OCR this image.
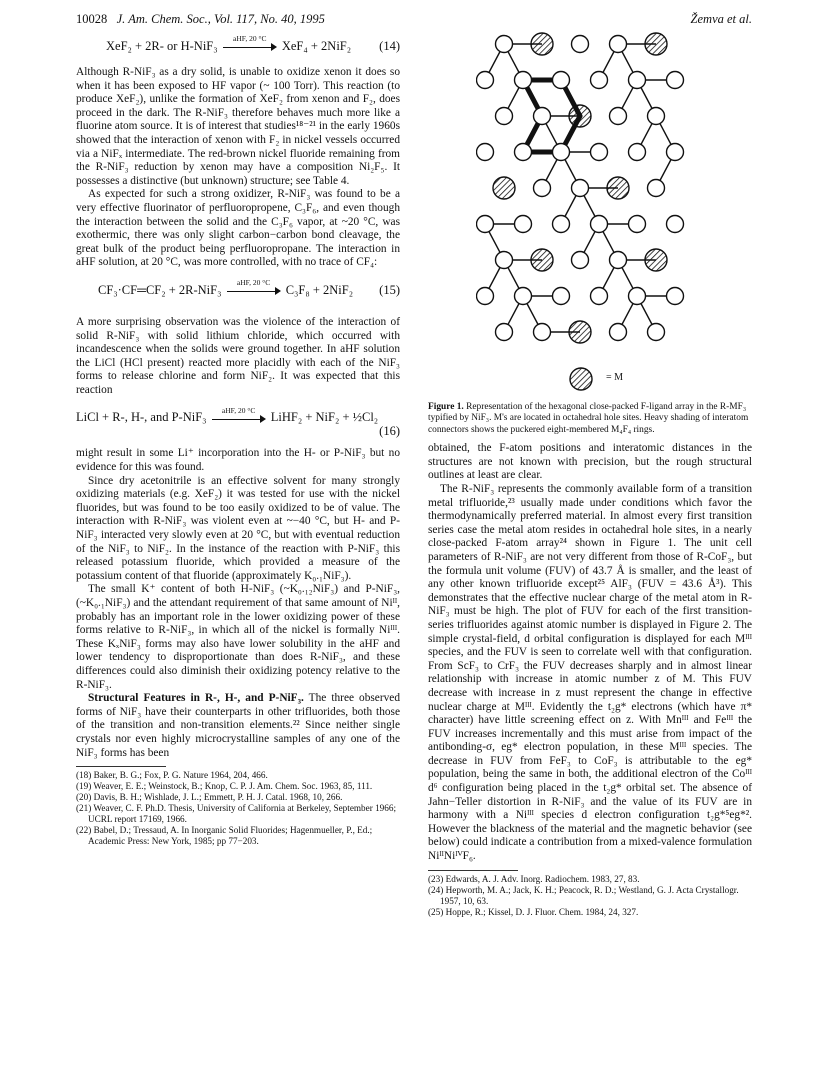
10028 J. Am. Chem. Soc., Vol. 117, No. 40, 1995	Žemva et al.
XeF₂ + 2R- or H-NiF₃
aHF, 20 °C
XeF₄ + 2NiF₂ (14)

Although R-NiF₃ as a dry solid, is unable to oxidize xenon it does so when it has been exposed to HF vapor (~ 100 Torr). This reaction (to produce XeF₂), unlike the formation of XeF₂ from xenon and F₂, does proceed in the dark. The R-NiF₃ therefore behaves much more like a fluorine atom source. It is of interest that studies¹⁸⁻²¹ in the early 1960s showed that the interaction of xenon with F₂ in nickel vessels occurred via a NiFₓ intermediate. The red-brown nickel fluoride remaining from the R-NiF₃ reduction by xenon may have a composition Ni₂F₅. It possesses a distinctive (but unknown) structure; see Table 4.

As expected for such a strong oxidizer, R-NiF₃ was found to be a very effective fluorinator of perfluoropropene, C₃F₆, and even though the interaction between the solid and the C₃F₆ vapor, at ~20 °C, was exothermic, there was only slight carbon−carbon bond cleavage, the great bulk of the product being perfluoropropane. The interaction in aHF solution, at 20 °C, was more controlled, with no trace of CF₄:

CF₃·CF═CF₂ + 2R-NiF₃
aHF, 20 °C
C₃F₈ + 2NiF₂ (15)

A more surprising observation was the violence of the interaction of solid R-NiF₃ with solid lithium chloride, which occurred with incandescence when the solids were ground together. In aHF solution the LiCl (HCl present) reacted more placidly with each of the NiF₃ forms to release chlorine and form NiF₂. It was expected that this reaction

LiCl + R-, H-, and P-NiF₃
aHF, 20 °C
LiHF₂ + NiF₂ + ½Cl₂
(16)

might result in some Li⁺ incorporation into the H- or P-NiF₃ but no evidence for this was found.

Since dry acetonitrile is an effective solvent for many strongly oxidizing materials (e.g. XeF₂) it was tested for use with the nickel fluorides, but was found to be too easily oxidized to be of value. The interaction with R-NiF₃ was violent even at ~−40 °C, but H- and P-NiF₃ interacted very slowly even at 20 °C, but with eventual reduction of the NiF₃ to NiF₂. In the instance of the reaction with P-NiF₃ this released potassium fluoride, which provided a measure of the potassium content of that fluoride (approximately K₀.₁NiF₃).

The small K⁺ content of both H-NiF₃ (~K₀.₁₂NiF₃) and P-NiF₃, (~K₀.₁NiF₃) and the attendant requirement of that same amount of Niᴵᴵ, probably has an important role in the lower oxidizing power of these forms relative to R-NiF₃, in which all of the nickel is formally Niᴵᴵᴵ. These KₓNiF₃ forms may also have lower solubility in the aHF and lower tendency to disproportionate than does R-NiF₃, and these differences could also diminish their oxidizing potency relative to the R-NiF₃.

Structural Features in R-, H-, and P-NiF₃. The three observed forms of NiF₃ have their counterparts in other trifluorides, both those of the transition and non-transition elements.²² Since neither single crystals nor even highly microcrystalline samples of any one of the NiF₃ forms has been

(18) Baker, B. G.; Fox, P. G. Nature 1964, 204, 466.
(19) Weaver, E. E.; Weinstock, B.; Knop, C. P. J. Am. Chem. Soc. 1963, 85, 111.
(20) Davis, B. H.; Wishlade, J. L.; Emmett, P. H. J. Catal. 1968, 10, 266.
(21) Weaver, C. F. Ph.D. Thesis, University of California at Berkeley, September 1966; UCRL report 17169, 1966.
(22) Babel, D.; Tressaud, A. In Inorganic Solid Fluorides; Hagenmueller, P., Ed.; Academic Press: New York, 1985; pp 77−203.
= M
Figure 1. Representation of the hexagonal close-packed F-ligand array in the R-MF₃ typified by NiF₃. M's are located in octahedral hole sites. Heavy shading of interatom connectors shows the puckered eight-membered M₄F₄ rings.

obtained, the F-atom positions and interatomic distances in the structures are not known with precision, but the rough structural outlines at least are clear.

The R-NiF₃ represents the commonly available form of a transition metal trifluoride,²³ usually made under conditions which favor the thermodynamically preferred material. In almost every first transition series case the metal atom resides in octahedral hole sites, in a nearly close-packed F-atom array²⁴ shown in Figure 1. The unit cell parameters of R-NiF₃ are not very different from those of R-CoF₃, but the formula unit volume (FUV) of 43.7 Å is smaller, and the least of any other known trifluoride except²⁵ AlF₃ (FUV = 43.6 Å³). This demonstrates that the effective nuclear charge of the metal atom in R-NiF₃ must be high. The plot of FUV for each of the first transition-series trifluorides against atomic number is displayed in Figure 2. The simple crystal-field, d orbital configuration is displayed for each Mᴵᴵᴵ species, and the FUV is seen to correlate well with that configuration. From ScF₃ to CrF₃ the FUV decreases sharply and in almost linear relationship with increase in atomic number z of M. This FUV decrease with increase in z must represent the change in effective nuclear charge at Mᴵᴵᴵ. Evidently the t₂g* electrons (which have π* character) have little screening effect on z. With Mnᴵᴵᴵ and Feᴵᴵᴵ the FUV increases incrementally and this must arise from impact of the antibonding-σ, eg* electron population, in these Mᴵᴵᴵ species. The decrease in FUV from FeF₃ to CoF₃ is attributable to the eg* population, being the same in both, the additional electron of the Coᴵᴵᴵ d⁶ configuration being placed in the t₂g* orbital set. The absence of Jahn−Teller distortion in R-NiF₃ and the value of its FUV are in harmony with a Niᴵᴵᴵ species d electron configuration t₂g*⁵eg*². However the blackness of the material and the magnetic behavior (see below) could indicate a contribution from a mixed-valence formulation NiᴵᴵNiᴵⱽF₆.

(23) Edwards, A. J. Adv. Inorg. Radiochem. 1983, 27, 83.
(24) Hepworth, M. A.; Jack, K. H.; Peacock, R. D.; Westland, G. J. Acta Crystallogr. 1957, 10, 63.
(25) Hoppe, R.; Kissel, D. J. Fluor. Chem. 1984, 24, 327.
